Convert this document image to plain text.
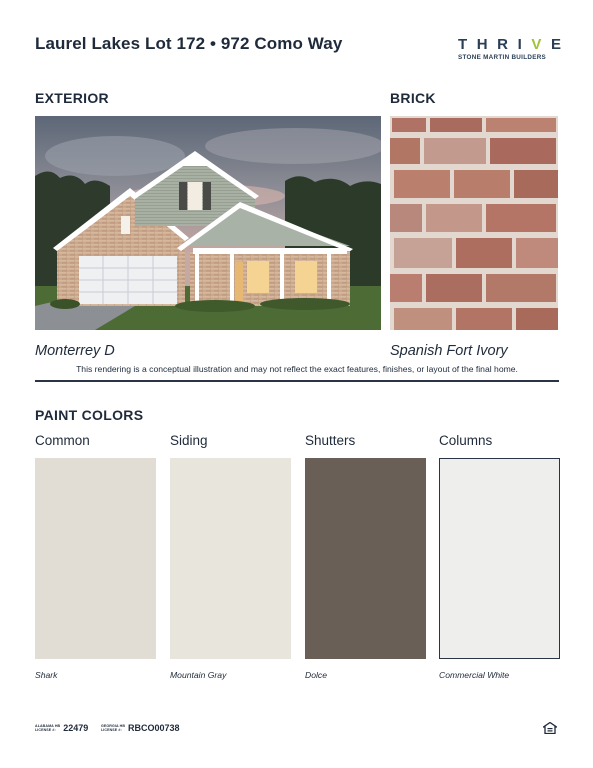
Laurel Lakes Lot 172 • 972 Como Way	T H R I V E
STONE MARTIN BUILDERS
EXTERIOR	BRICK
Monterrey D	Spanish Fort Ivory
This rendering is a conceptual illustration and may not reflect the exact features, finishes, or layout of the final home.
PAINT COLORS
Common	Siding	Shutters	Columns
Shark	Mountain Gray	Dolce	Commercial White
ALABAMA HB
LICENSE #: 22479	GEORGIA HB
LICENSE #: RBCO00738
